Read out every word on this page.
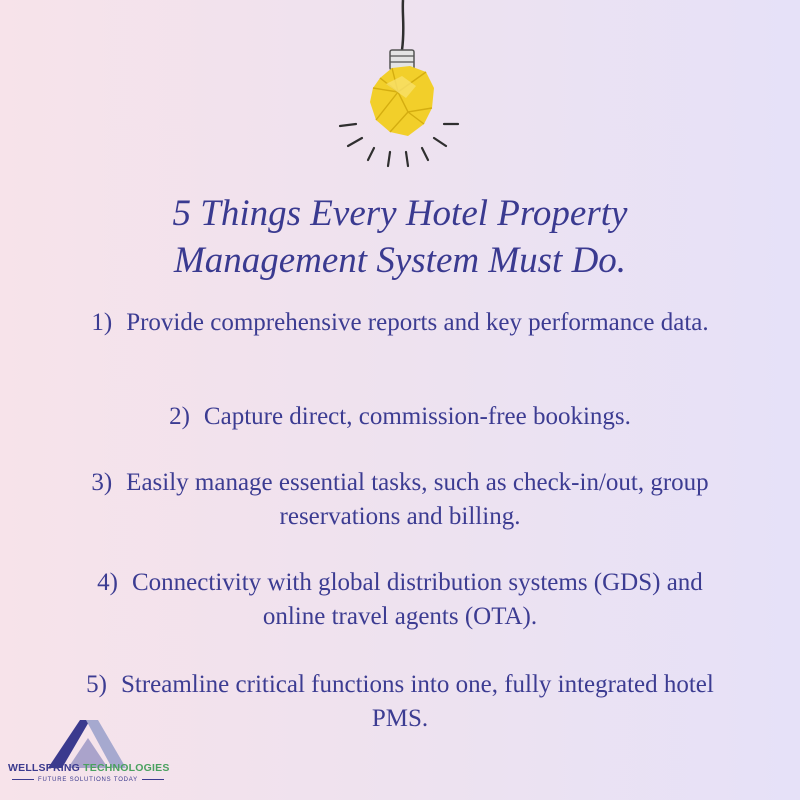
5 Things Every Hotel Property
Management System Must Do.
1) Provide comprehensive reports and key performance data.
2) Capture direct, commission-free bookings.
3) Easily manage essential tasks, such as check-in/out, group reservations and billing.
4) Connectivity with global distribution systems (GDS) and online travel agents (OTA).
5) Streamline critical functions into one, fully integrated hotel PMS.
WELLSPRING TECHNOLOGIES
FUTURE SOLUTIONS TODAY
